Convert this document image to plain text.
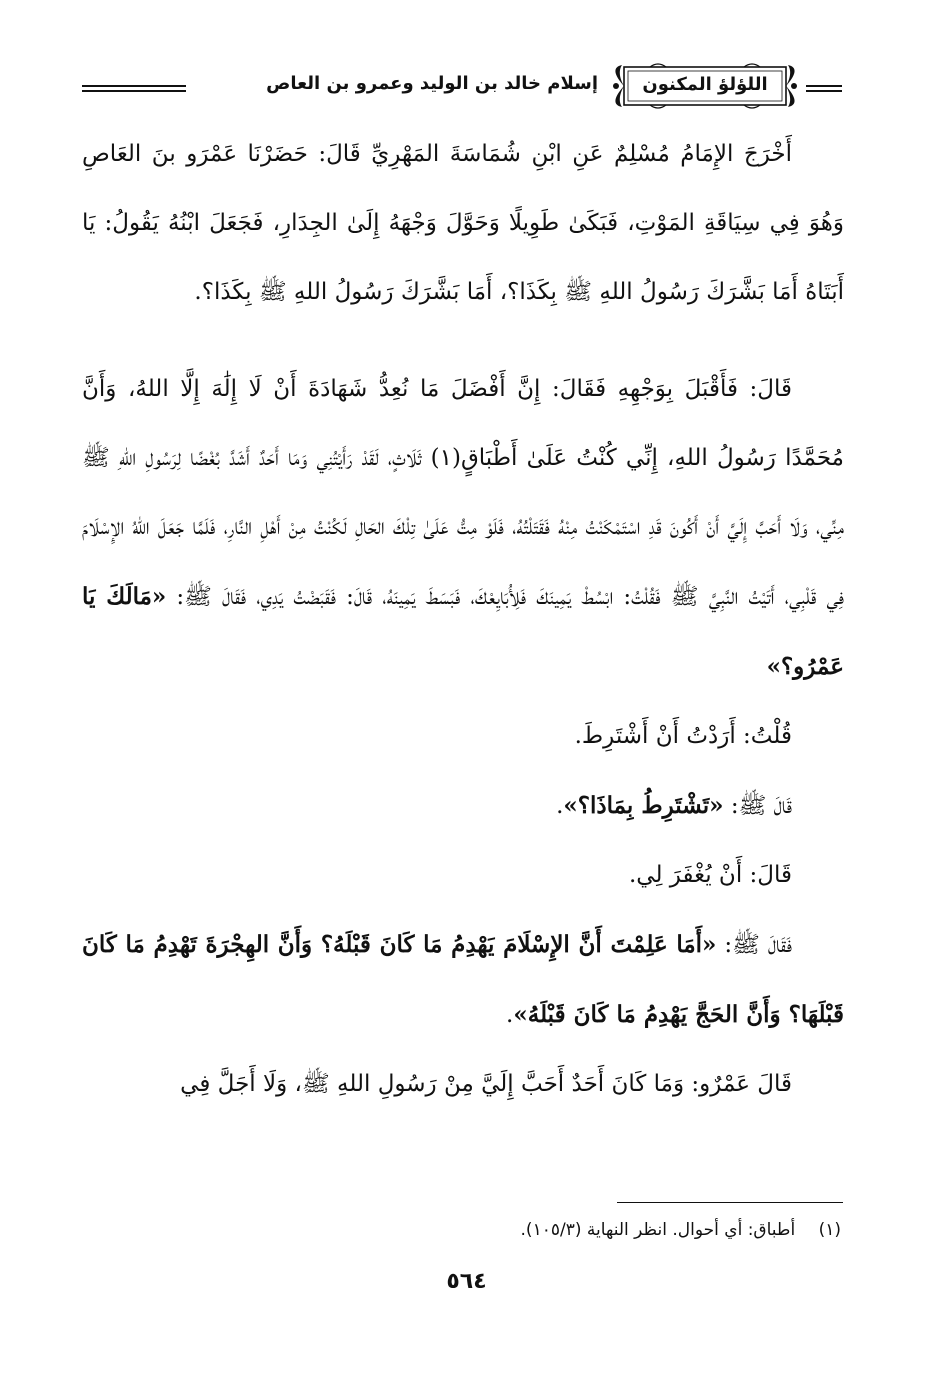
إسلام خالد بن الوليد وعمرو بن العاص	اللؤلؤ المكنون

أَخْرَجَ الإِمَامُ مُسْلِمٌ عَنِ ابْنِ شُمَاسَةَ المَهْرِيِّ قَالَ: حَضَرْنَا عَمْرَو بنَ العَاصِ وَهُوَ فِي سِيَاقَةِ المَوْتِ، فَبَكَىٰ طَوِيلًا وَحَوَّلَ وَجْهَهُ إِلَىٰ الجِدَارِ، فَجَعَلَ ابْنُهُ يَقُولُ: يَا أَبَتَاهُ أَمَا بَشَّرَكَ رَسُولُ اللهِ ﷺ بِكَذَا؟، أَمَا بَشَّرَكَ رَسُولُ اللهِ ﷺ بِكَذَا؟.

قَالَ: فَأَقْبَلَ بِوَجْهِهِ فَقَالَ: إِنَّ أَفْضَلَ مَا نُعِدُّ شَهَادَةَ أَنْ لَا إِلَٰهَ إِلَّا اللهُ، وَأَنَّ مُحَمَّدًا رَسُولُ اللهِ، إِنِّي كُنْتُ عَلَىٰ أَطْبَاقٍ(١) ثَلَاثٍ، لَقَدْ رَأَيْتُنِي وَمَا أَحَدٌ أَشَدَّ بُغْضًا لِرَسُولِ اللهِ ﷺ مِنِّي، وَلَا أَحَبَّ إِلَيَّ أَنْ أَكُونَ قَدِ اسْتَمْكَنْتُ مِنْهُ فَقَتَلْتُهُ، فَلَوْ مِتُّ عَلَىٰ تِلْكَ الحَالِ لَكُنْتُ مِنْ أَهْلِ النَّارِ، فَلَمَّا جَعَلَ اللهُ الإِسْلَامَ فِي قَلْبِي، أَتَيْتُ النَّبِيَّ ﷺ فَقُلْتُ: ابْسُطْ يَمِينَكَ فَلِأُبَايِعْكَ، فَبَسَطَ يَمِينَهُ، قَالَ: فَقَبَضْتُ يَدِي، فَقَالَ ﷺ: «مَالَكَ يَا عَمْرُو؟»

قُلْتُ: أَرَدْتُ أَنْ أَشْتَرِطَ.

قَالَ ﷺ: «تَشْتَرِطُ بِمَاذَا؟».

قَالَ: أَنْ يُغْفَرَ لِي.

فَقَالَ ﷺ: «أَمَا عَلِمْتَ أَنَّ الإِسْلَامَ يَهْدِمُ مَا كَانَ قَبْلَهُ؟ وَأَنَّ الهِجْرَةَ تَهْدِمُ مَا كَانَ قَبْلَهَا؟ وَأَنَّ الحَجَّ يَهْدِمُ مَا كَانَ قَبْلَهُ».

قَالَ عَمْرٌو: وَمَا كَانَ أَحَدٌ أَحَبَّ إِلَيَّ مِنْ رَسُولِ اللهِ ﷺ، وَلَا أَجَلَّ فِي

(١) أطباق: أي أحوال. انظر النهاية (١٠٥/٣).
٥٦٤
